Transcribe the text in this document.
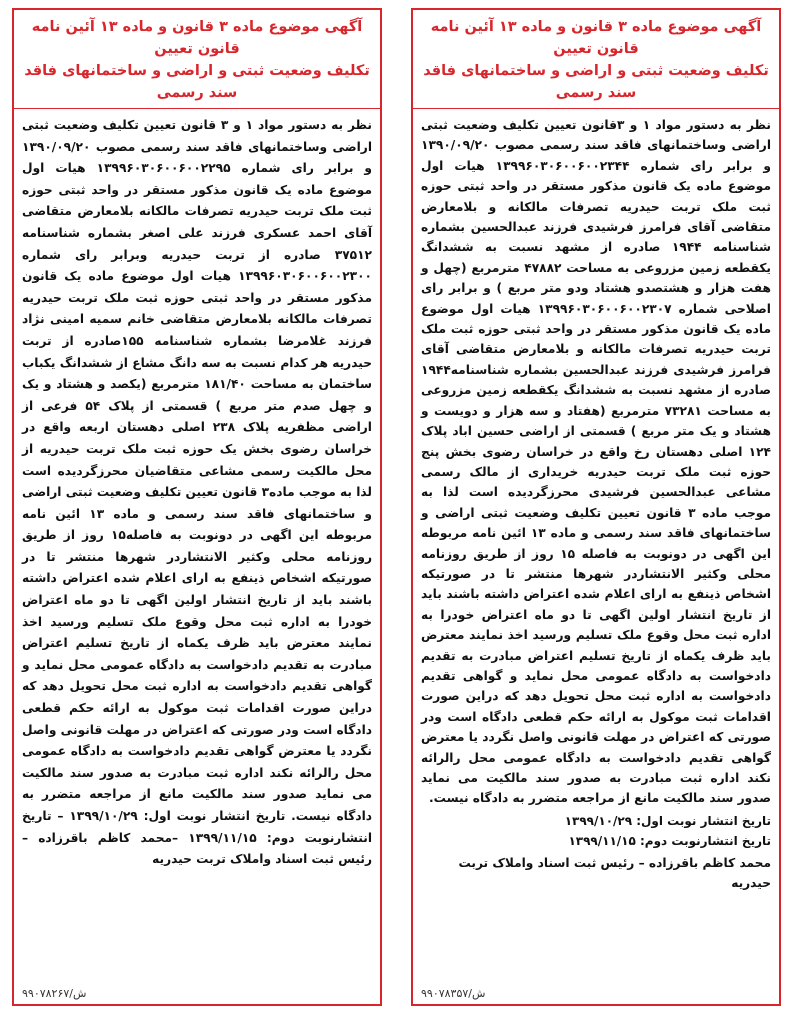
آگهی موضوع ماده ۳ قانون و ماده ۱۳ آئین نامه قانون تعیین
تکلیف وضعیت ثبتی و اراضی و ساختمانهای فاقد سند رسمی

نظر به دستور مواد ۱ و ۳قانون تعیین تکلیف وضعیت ثبتی اراضی وساختمانهای فاقد سند رسمی مصوب ۱۳۹۰/۰۹/۲۰ و برابر رای شماره ۱۳۹۹۶۰۳۰۶۰۰۶۰۰۲۳۴۴ هیات اول موضوع ماده یک قانون مذکور مستقر در واحد ثبتی حوزه ثبت ملک تربت حیدریه تصرفات مالکانه و بلامعارض متقاضی آقای فرامرز فرشیدی فرزند عبدالحسین بشماره شناسنامه ۱۹۴۴ صادره از مشهد نسبت به ششدانگ یکقطعه زمین مزروعی به مساحت ۴۷۸۸۲ مترمربع (چهل و هفت هزار و هشتصدو هشتاد ودو متر مربع ) و برابر رای اصلاحی شماره ۱۳۹۹۶۰۳۰۶۰۰۶۰۰۲۳۰۷ هیات اول موضوع ماده یک قانون مذکور مستقر در واحد ثبتی حوزه ثبت ملک تربت حیدریه تصرفات مالکانه و بلامعارض متقاضی آقای فرامرز فرشیدی فرزند عبدالحسین بشماره شناسنامه۱۹۴۴ صادره از مشهد نسبت به ششدانگ یکقطعه زمین مزروعی به مساحت ۷۳۲۸۱ مترمربع (هفتاد و سه هزار و دویست و هشتاد و یک متر مربع ) قسمتی از اراضی حسین اباد پلاک ۱۲۴ اصلی دهستان رخ واقع در خراسان رضوی بخش پنج حوزه ثبت ملک تربت حیدریه خریداری از مالک رسمی مشاعی عبدالحسین فرشیدی محرزگردیده است لذا به موجب ماده ۳ قانون تعیین تکلیف وضعیت ثبتی اراضی و ساختمانهای فاقد سند رسمی و ماده ۱۳ ائین نامه مربوطه این اگهی در دونوبت به فاصله ۱۵ روز از طریق روزنامه محلی وکثیر الانتشاردر شهرها منتشر تا در صورتیکه اشخاص ذینفع به ارای اعلام شده اعتراض داشته باشند باید از تاریخ انتشار اولین اگهی تا دو ماه اعتراض خودرا به اداره ثبت محل وقوع ملک تسلیم ورسید اخذ نمایند معترض باید ظرف یکماه از تاریخ تسلیم اعتراض مبادرت به تقدیم دادخواست به دادگاه عمومی محل نماید و گواهی تقدیم دادخواست به اداره ثبت محل تحویل دهد که دراین صورت اقدامات ثبت موکول به ارائه حکم قطعی دادگاه است ودر صورتی که اعتراض در مهلت قانونی واصل نگردد یا معترض گواهی تقدیم دادخواست به دادگاه عمومی محل رالرائه نکند اداره ثبت مبادرت به صدور سند مالکیت می نماید صدور سند مالکیت مانع از مراجعه متضرر به دادگاه نیست.

تاریخ انتشار نوبت اول: ۱۳۹۹/۱۰/۲۹

تاریخ انتشارنوبت دوم: ۱۳۹۹/۱۱/۱۵

محمد کاظم باقرزاده – رئیس ثبت اسناد واملاک تربت حیدریه

۹۹۰۷۸۳۵۷/ش
آگهی موضوع ماده ۳ قانون و ماده ۱۳ آئین نامه قانون تعیین
تکلیف وضعیت ثبتی و اراضی و ساختمانهای فاقد سند رسمی

نظر به دستور مواد ۱ و ۳ قانون تعیین تکلیف وضعیت ثبتی اراضی وساختمانهای فاقد سند رسمی مصوب ۱۳۹۰/۰۹/۲۰ و برابر رای شماره ۱۳۹۹۶۰۳۰۶۰۰۶۰۰۲۲۹۵ هیات اول موضوع ماده یک قانون مذکور مستقر در واحد ثبتی حوزه ثبت ملک تربت حیدریه تصرفات مالکانه بلامعارض متقاضی آقای احمد عسکری فرزند علی اصغر بشماره شناسنامه ۳۷۵۱۲ صادره از تربت حیدریه وبرابر رای شماره ۱۳۹۹۶۰۳۰۶۰۰۶۰۰۲۳۰۰ هیات اول موضوع ماده یک قانون مذکور مستقر در واحد ثبتی حوزه ثبت ملک تربت حیدریه تصرفات مالکانه بلامعارض متقاضی خانم سمیه امینی نژاد فرزند غلامرضا بشماره شناسنامه ۱۵۵صادره از تربت حیدریه هر کدام نسبت به سه دانگ مشاع از ششدانگ یکباب ساختمان به مساحت ۱۸۱/۴۰ مترمربع (یکصد و هشتاد و یک و چهل صدم متر مربع ) قسمتی از پلاک ۵۴ فرعی از اراضی مظفریه پلاک ۲۳۸ اصلی دهستان اربعه واقع در خراسان رضوی بخش یک حوزه ثبت ملک تربت حیدریه از محل مالکیت رسمی مشاعی متقاضیان محرزگردیده است لذا به موجب ماده۳ قانون تعیین تکلیف وضعیت ثبتی اراضی و ساختمانهای فاقد سند رسمی و ماده ۱۳ ائین نامه مربوطه این اگهی در دونوبت به فاصله۱۵ روز از طریق روزنامه محلی وکثیر الانتشاردر شهرها منتشر تا در صورتیکه اشخاص ذینفع به ارای اعلام شده اعتراض داشته باشند باید از تاریخ انتشار اولین اگهی تا دو ماه اعتراض خودرا به اداره ثبت محل وقوع ملک تسلیم ورسید اخذ نمایند معترض باید ظرف یکماه از تاریخ تسلیم اعتراض مبادرت به تقدیم دادخواست به دادگاه عمومی محل نماید و گواهی تقدیم دادخواست به اداره ثبت محل تحویل دهد که دراین صورت اقدامات ثبت موکول به ارائه حکم قطعی دادگاه است ودر صورتی که اعتراض در مهلت قانونی واصل نگردد یا معترض گواهی تقدیم دادخواست به دادگاه عمومی محل رالرائه نکند اداره ثبت مبادرت به صدور سند مالکیت می نماید صدور سند مالکیت مانع از مراجعه متضرر به دادگاه نیست. تاریخ انتشار نوبت اول: ۱۳۹۹/۱۰/۲۹ – تاریخ انتشارنوبت دوم: ۱۳۹۹/۱۱/۱۵ –محمد کاظم باقرزاده – رئیس ثبت اسناد واملاک تربت حیدریه

۹۹۰۷۸۲۶۷/ش
